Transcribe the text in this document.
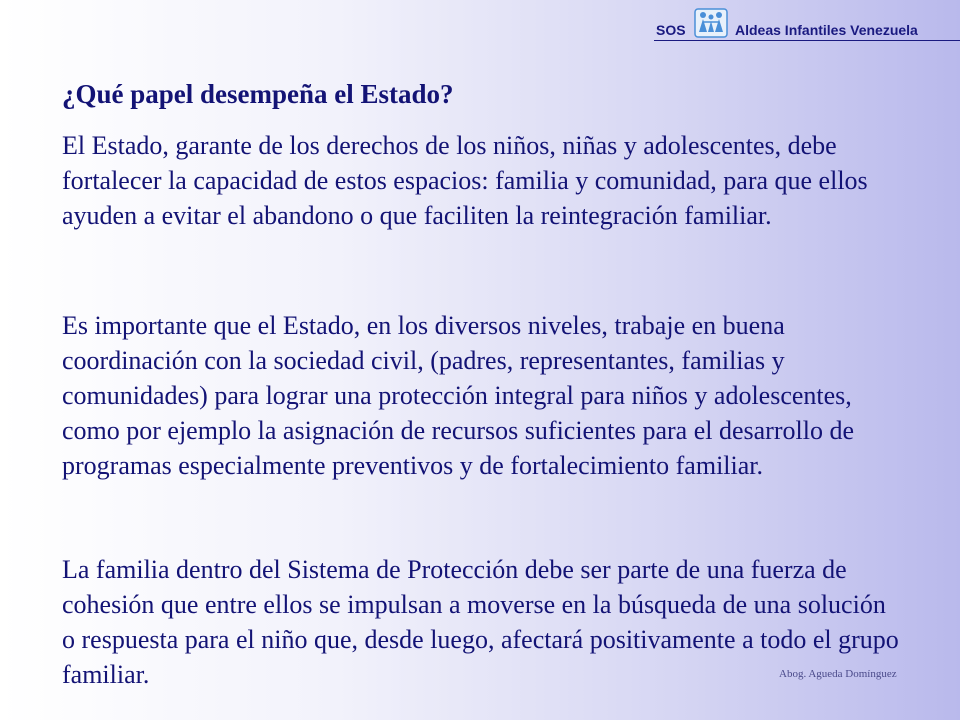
SOS	Aldeas Infantiles Venezuela
¿Qué papel desempeña el Estado?

El Estado, garante de los derechos de los niños, niñas y adolescentes, debe fortalecer la capacidad de estos espacios: familia y comunidad, para que ellos ayuden a evitar el abandono o que faciliten la reintegración familiar.

Es importante que el Estado, en los diversos niveles, trabaje en buena coordinación con la sociedad civil, (padres, representantes, familias y comunidades) para lograr una protección integral para niños y adolescentes, como por ejemplo la asignación de recursos suficientes para el desarrollo de programas especialmente preventivos y de fortalecimiento familiar.

La familia dentro del Sistema de Protección debe ser parte de una fuerza de cohesión que entre ellos se impulsan a moverse en la búsqueda de una solución o respuesta para el niño que, desde luego, afectará positivamente a todo el grupo familiar.	Abog. Agueda Domínguez
